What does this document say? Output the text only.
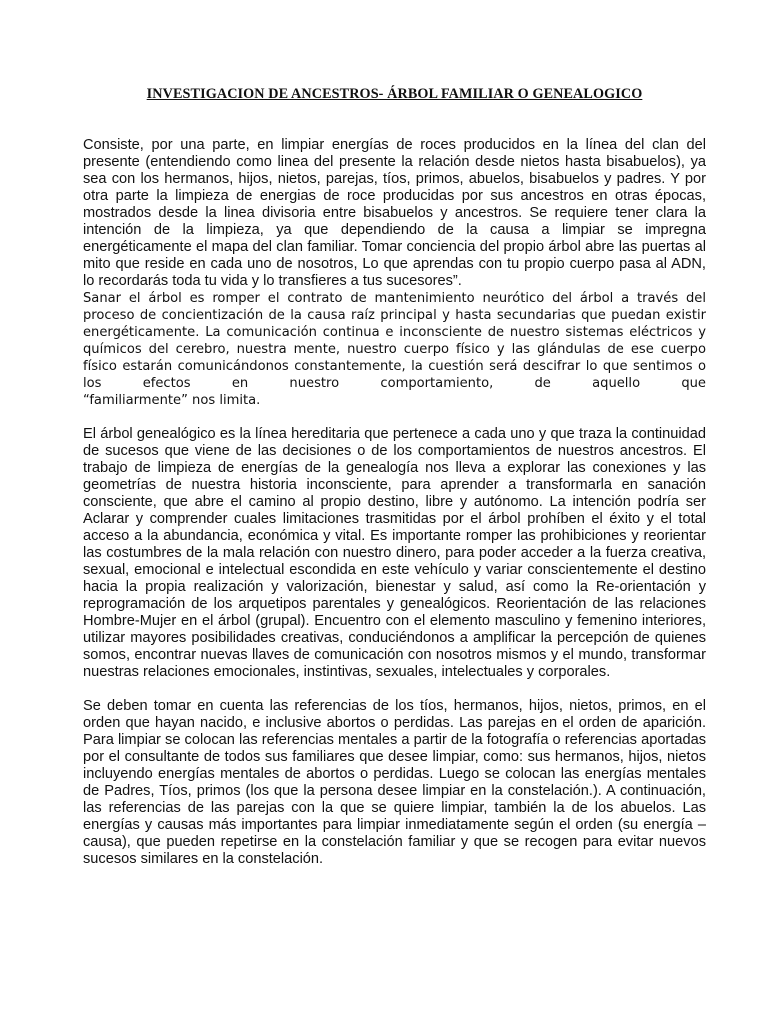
INVESTIGACION DE ANCESTROS- ÁRBOL FAMILIAR O GENEALOGICO
Consiste, por una parte, en limpiar energías de roces producidos en la línea del clan del presente (entendiendo como linea del presente la relación desde nietos hasta bisabuelos), ya sea con los hermanos, hijos, nietos, parejas, tíos, primos, abuelos, bisabuelos y padres. Y por otra parte la limpieza de energias de roce producidas por sus ancestros en otras épocas, mostrados desde la linea divisoria entre bisabuelos y ancestros. Se requiere tener clara la intención de la limpieza, ya que dependiendo de la causa a limpiar se impregna energéticamente el mapa del clan familiar. Tomar conciencia del propio árbol abre las puertas al mito que reside en cada uno de nosotros, Lo que aprendas con tu propio cuerpo pasa al ADN, lo recordarás toda tu vida y lo transfieres a tus sucesores”.
Sanar el árbol es romper el contrato de mantenimiento neurótico del árbol a través del proceso de concientización de la causa raíz principal y hasta secundarias que puedan existir energéticamente. La comunicación continua e inconsciente de nuestro sistemas eléctricos y químicos del cerebro, nuestra mente, nuestro cuerpo físico y las glándulas de ese cuerpo físico estarán comunicándonos constantemente, la cuestión será descifrar lo que sentimos o los efectos en nuestro comportamiento, de aquello que
“familiarmente” nos limita.
El árbol genealógico es la línea hereditaria que pertenece a cada uno y que traza la continuidad de sucesos que viene de las decisiones o de los comportamientos de nuestros ancestros. El trabajo de limpieza de energías de la genealogía nos lleva a explorar las conexiones y las geometrías de nuestra historia inconsciente, para aprender a transformarla en sanación consciente, que abre el camino al propio destino, libre y autónomo. La intención podría ser Aclarar y comprender cuales limitaciones trasmitidas por el árbol prohíben el éxito y el total acceso a la abundancia, económica y vital. Es importante romper las prohibiciones y reorientar las costumbres de la mala relación con nuestro dinero, para poder acceder a la fuerza creativa, sexual, emocional e intelectual escondida en este vehículo y variar conscientemente el destino hacia la propia realización y valorización, bienestar y salud, así como la Re-orientación y reprogramación de los arquetipos parentales y genealógicos. Reorientación de las relaciones Hombre-Mujer en el árbol (grupal). Encuentro con el elemento masculino y femenino interiores, utilizar mayores posibilidades creativas, conduciéndonos a amplificar la percepción de quienes somos, encontrar nuevas llaves de comunicación con nosotros mismos y el mundo, transformar nuestras relaciones emocionales, instintivas, sexuales, intelectuales y corporales.
Se deben tomar en cuenta las referencias de los tíos, hermanos, hijos, nietos, primos, en el orden que hayan nacido, e inclusive abortos o perdidas. Las parejas en el orden de aparición. Para limpiar se colocan las referencias mentales a partir de la fotografía o referencias aportadas por el consultante de todos sus familiares que desee limpiar, como: sus hermanos, hijos, nietos incluyendo energías mentales de abortos o perdidas. Luego se colocan las energías mentales de Padres, Tíos, primos (los que la persona desee limpiar en la constelación.). A continuación, las referencias de las parejas con la que se quiere limpiar, también la de los abuelos. Las energías y causas más importantes para limpiar inmediatamente según el orden (su energía – causa), que pueden repetirse en la constelación familiar y que se recogen para evitar nuevos sucesos similares en la constelación.
